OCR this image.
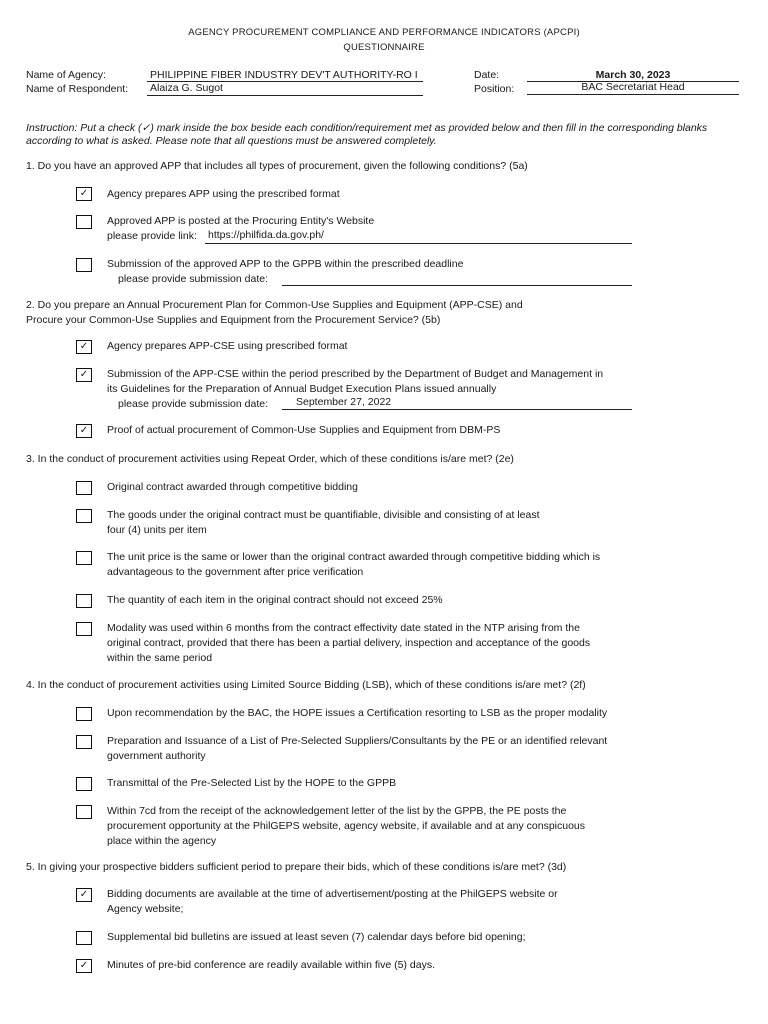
AGENCY PROCUREMENT COMPLIANCE AND PERFORMANCE INDICATORS (APCPI)
QUESTIONNAIRE
Name of Agency:	PHILIPPINE FIBER INDUSTRY DEV'T AUTHORITY-RO I
Name of Respondent: Alaiza G. Sugot
Date:	March 30, 2023
Position:	BAC Secretariat Head
Instruction: Put a check (✓) mark inside the box beside each condition/requirement met as provided below and then fill in the corresponding blanks
according to what is asked. Please note that all questions must be answered completely.
1. Do you have an approved APP that includes all types of procurement, given the following conditions? (5a)
✓	Agency prepares APP using the prescribed format
Approved APP is posted at the Procuring Entity's Website
please provide link:	https://philfida.da.gov.ph/
Submission of the approved APP to the GPPB within the prescribed deadline
please provide submission date:
2. Do you prepare an Annual Procurement Plan for Common-Use Supplies and Equipment (APP-CSE) and
Procure your Common-Use Supplies and Equipment from the Procurement Service? (5b)
✓	Agency prepares APP-CSE using prescribed format
✓	Submission of the APP-CSE within the period prescribed by the Department of Budget and Management in
its Guidelines for the Preparation of Annual Budget Execution Plans issued annually
please provide submission date:	September 27, 2022
✓	Proof of actual procurement of Common-Use Supplies and Equipment from DBM-PS
3. In the conduct of procurement activities using Repeat Order, which of these conditions is/are met? (2e)
Original contract awarded through competitive bidding
The goods under the original contract must be quantifiable, divisible and consisting of at least
four (4) units per item
The unit price is the same or lower than the original contract awarded through competitive bidding which is
advantageous to the government after price verification
The quantity of each item in the original contract should not exceed 25%
Modality was used within 6 months from the contract effectivity date stated in the NTP arising from the
original contract, provided that there has been a partial delivery, inspection and acceptance of the goods
within the same period
4. In the conduct of procurement activities using Limited Source Bidding (LSB), which of these conditions is/are met? (2f)
Upon recommendation by the BAC, the HOPE issues a Certification resorting to LSB as the proper modality
Preparation and Issuance of a List of Pre-Selected Suppliers/Consultants by the PE or an identified relevant
government authority
Transmittal of the Pre-Selected List by the HOPE to the GPPB
Within 7cd from the receipt of the acknowledgement letter of the list by the GPPB, the PE posts the
procurement opportunity at the PhilGEPS website, agency website, if available and at any conspicuous
place within the agency
5. In giving your prospective bidders sufficient period to prepare their bids, which of these conditions is/are met? (3d)
✓	Bidding documents are available at the time of advertisement/posting at the PhilGEPS website or
Agency website;
Supplemental bid bulletins are issued at least seven (7) calendar days before bid opening;
✓	Minutes of pre-bid conference are readily available within five (5) days.
